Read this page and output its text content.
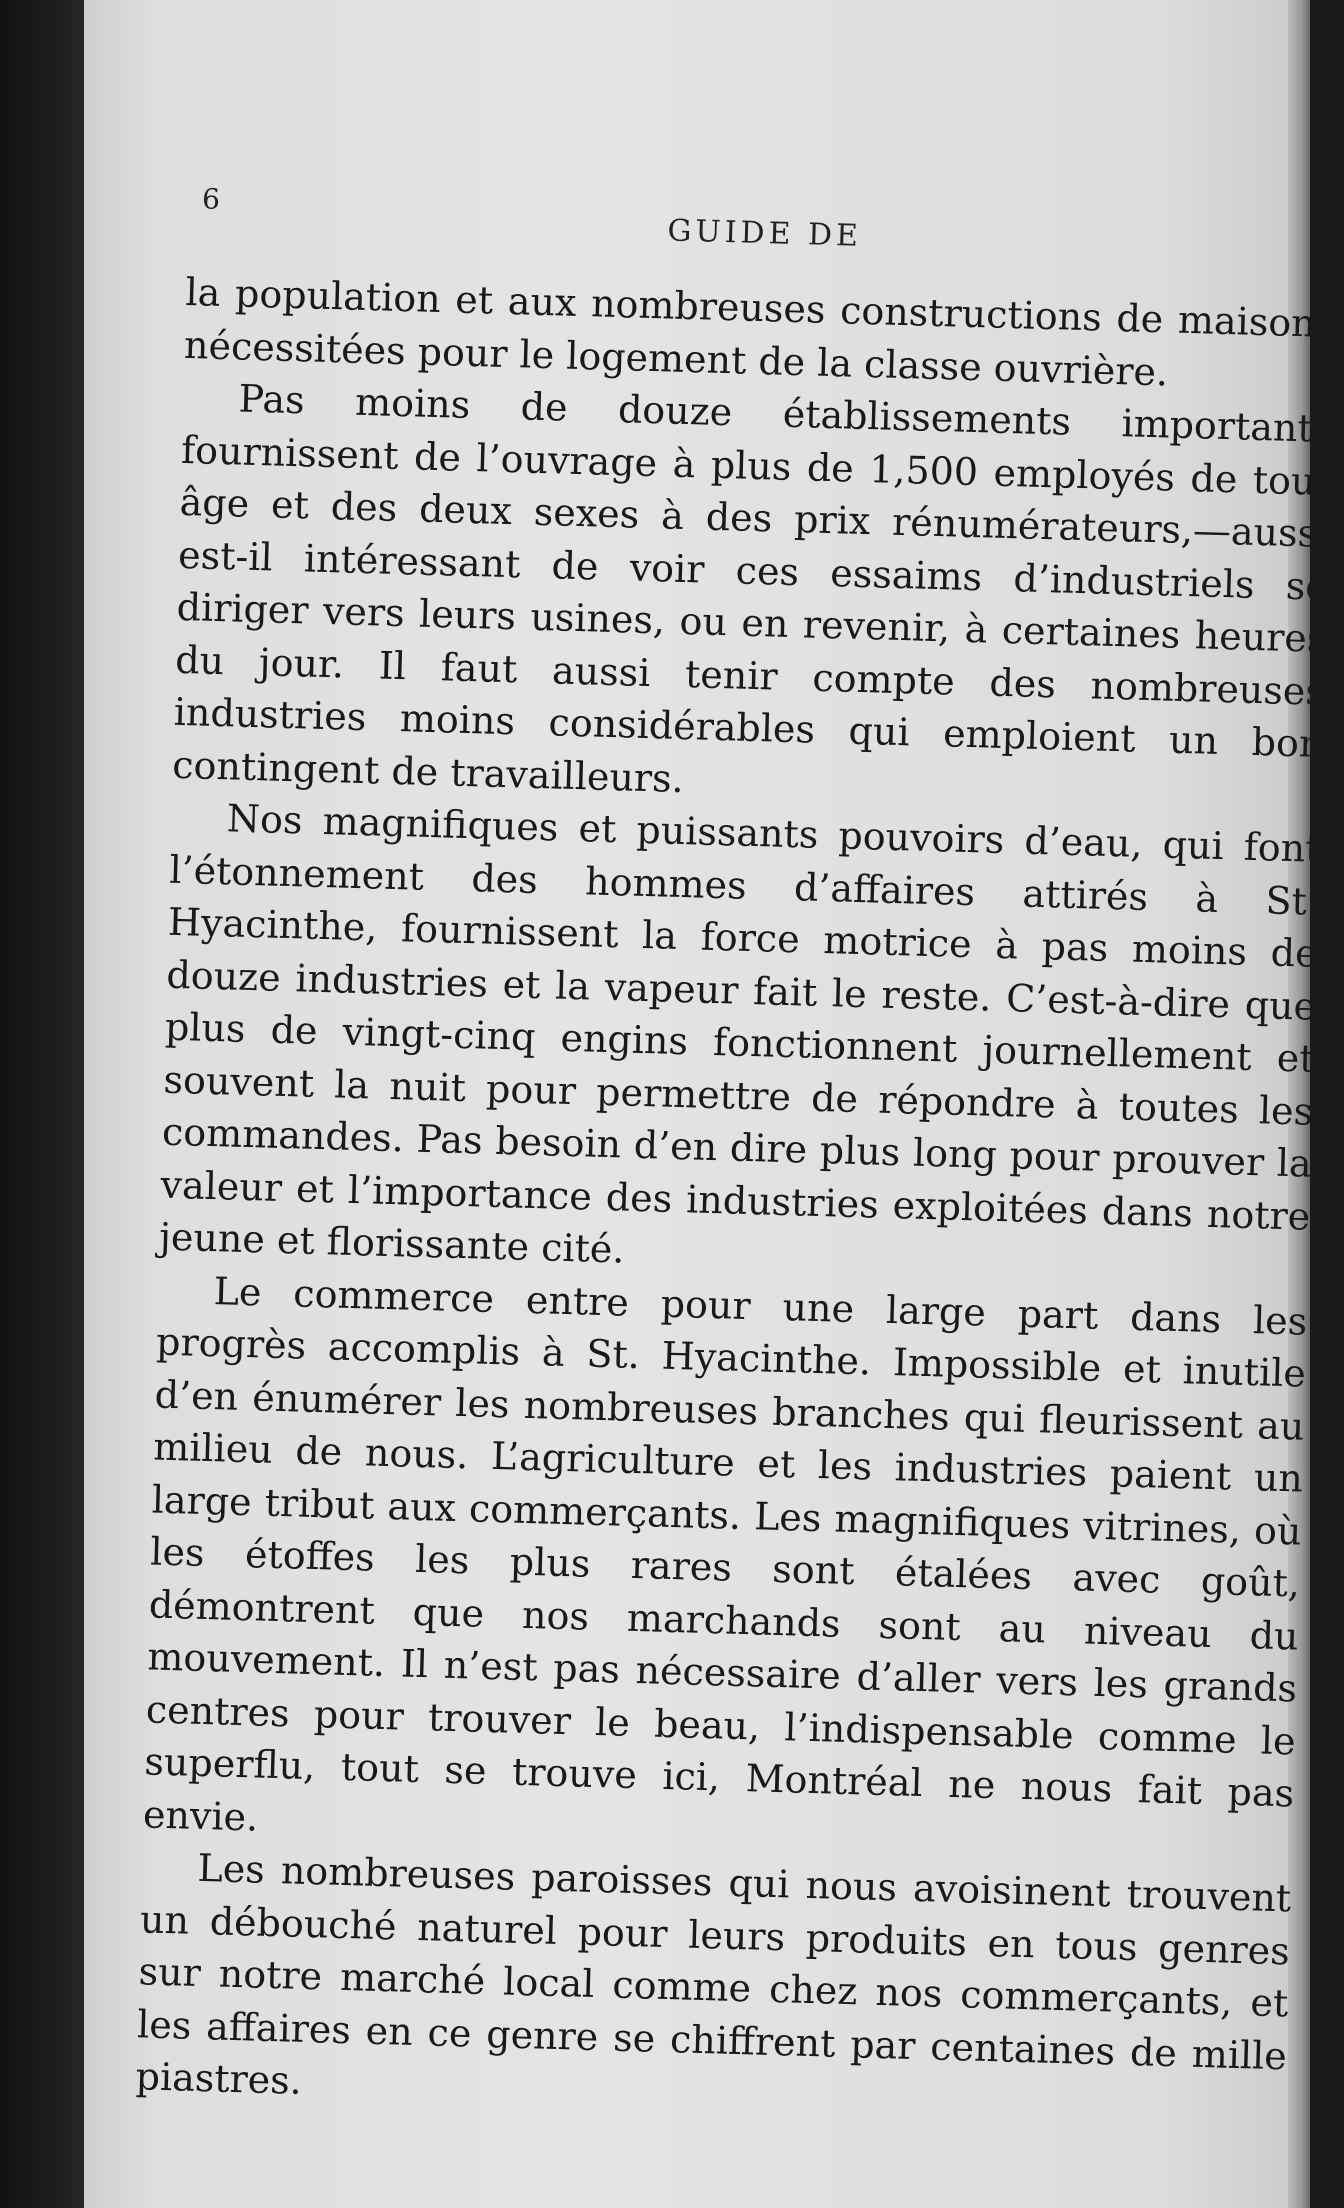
6
GUIDE DE

la population et aux nombreuses constructions de maisons nécessitées pour le logement de la classe ouvrière.

Pas moins de douze établissements importants fournissent de l’ouvrage à plus de 1,500 employés de tout âge et des deux sexes à des prix rénumérateurs,—aussi est-il intéressant de voir ces essaims d’industriels se diriger vers leurs usines, ou en revenir, à certaines heures du jour. Il faut aussi tenir compte des nombreuses industries moins considérables qui emploient un bon contingent de travailleurs.

Nos magnifiques et puissants pouvoirs d’eau, qui font l’étonnement des hommes d’affaires attirés à St. Hyacinthe, fournissent la force motrice à pas moins de douze industries et la vapeur fait le reste. C’est-à-dire que plus de vingt-cinq engins fonctionnent journellement et souvent la nuit pour permettre de répondre à toutes les commandes. Pas besoin d’en dire plus long pour prouver la valeur et l’importance des industries exploitées dans notre jeune et florissante cité.

Le commerce entre pour une large part dans les progrès accomplis à St. Hyacinthe. Impossible et inutile d’en énumérer les nombreuses branches qui fleurissent au milieu de nous. L’agriculture et les industries paient un large tribut aux commerçants. Les magnifiques vitrines, où les étoffes les plus rares sont étalées avec goût, démontrent que nos marchands sont au niveau du mouvement. Il n’est pas nécessaire d’aller vers les grands centres pour trouver le beau, l’indispensable comme le superflu, tout se trouve ici, Montréal ne nous fait pas envie.

Les nombreuses paroisses qui nous avoisinent trouvent un débouché naturel pour leurs produits en tous genres sur notre marché local comme chez nos commerçants, et les affaires en ce genre se chiffrent par centaines de mille piastres.
